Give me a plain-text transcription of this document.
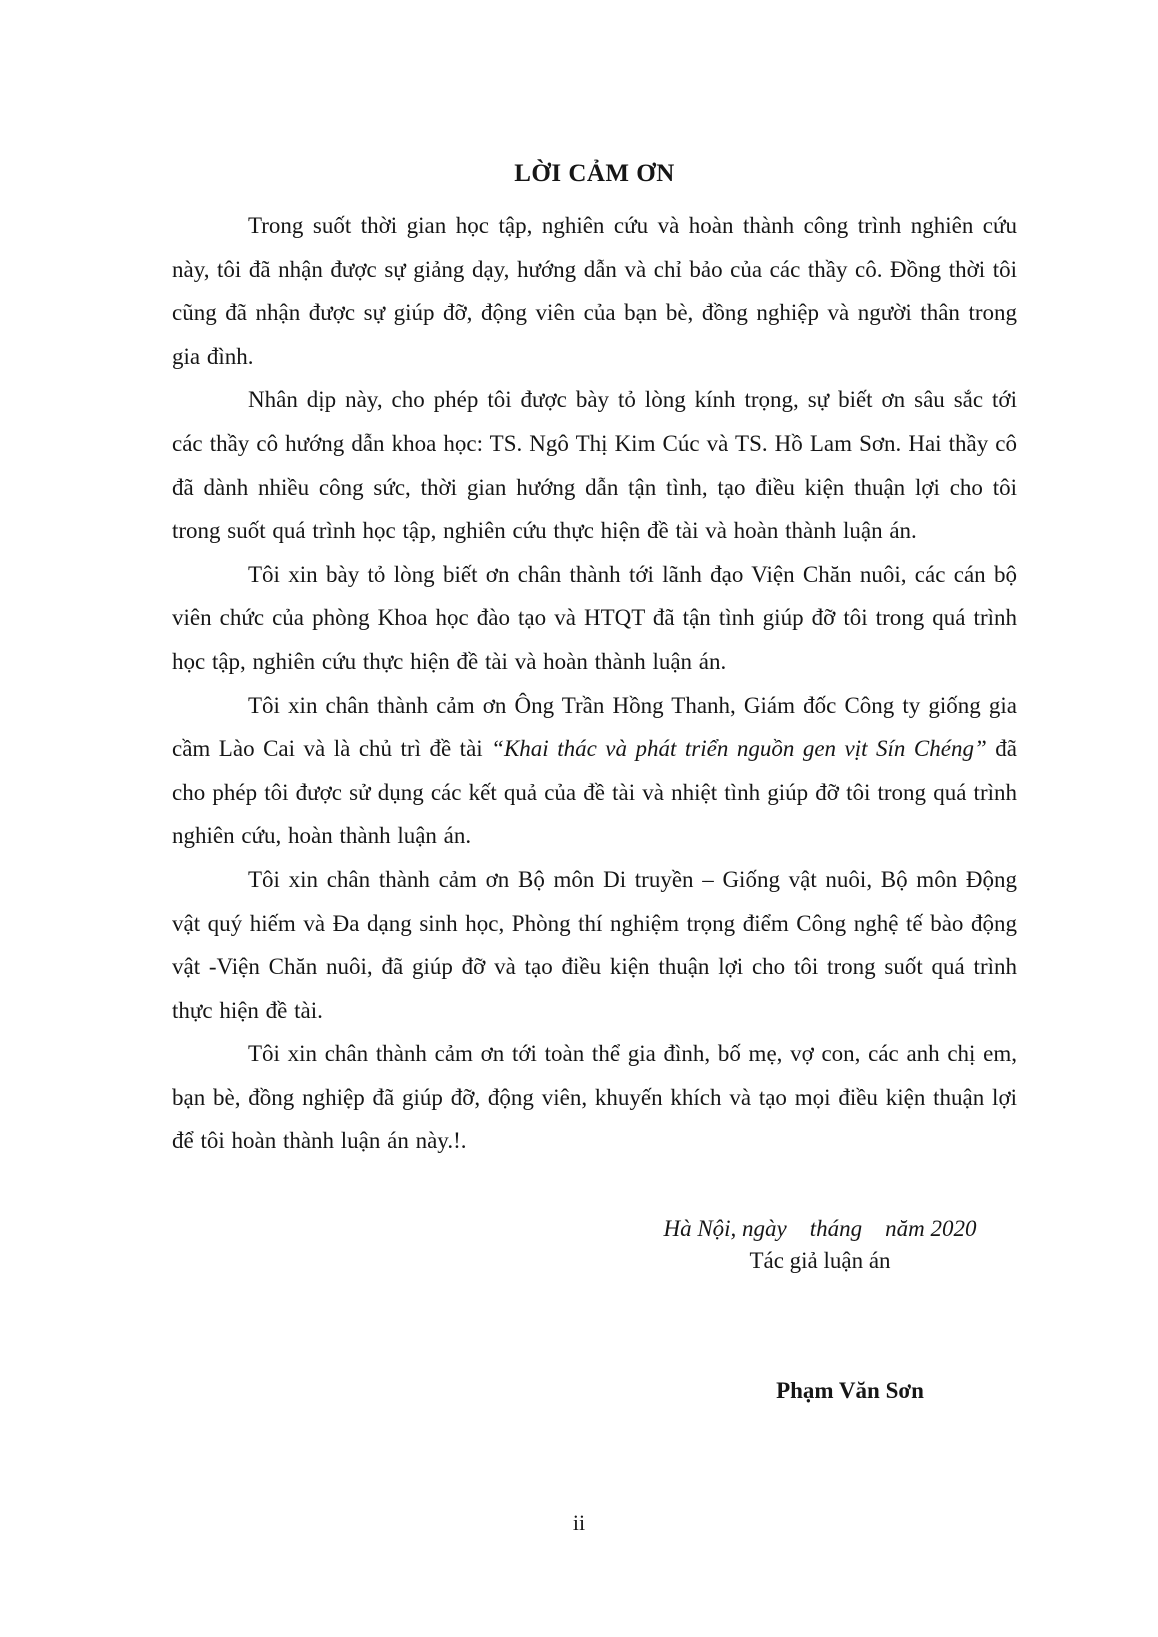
LỜI CẢM ƠN

Trong suốt thời gian học tập, nghiên cứu và hoàn thành công trình nghiên cứu này, tôi đã nhận được sự giảng dạy, hướng dẫn và chỉ bảo của các thầy cô. Đồng thời tôi cũng đã nhận được sự giúp đỡ, động viên của bạn bè, đồng nghiệp và người thân trong gia đình.

Nhân dịp này, cho phép tôi được bày tỏ lòng kính trọng, sự biết ơn sâu sắc tới các thầy cô hướng dẫn khoa học: TS. Ngô Thị Kim Cúc và TS. Hồ Lam Sơn. Hai thầy cô đã dành nhiều công sức, thời gian hướng dẫn tận tình, tạo điều kiện thuận lợi cho tôi trong suốt quá trình học tập, nghiên cứu thực hiện đề tài và hoàn thành luận án.

Tôi xin bày tỏ lòng biết ơn chân thành tới lãnh đạo Viện Chăn nuôi, các cán bộ viên chức của phòng Khoa học đào tạo và HTQT đã tận tình giúp đỡ tôi trong quá trình học tập, nghiên cứu thực hiện đề tài và hoàn thành luận án.

Tôi xin chân thành cảm ơn Ông Trần Hồng Thanh, Giám đốc Công ty giống gia cầm Lào Cai và là chủ trì đề tài “Khai thác và phát triển nguồn gen vịt Sín Chéng” đã cho phép tôi được sử dụng các kết quả của đề tài và nhiệt tình giúp đỡ tôi trong quá trình nghiên cứu, hoàn thành luận án.

Tôi xin chân thành cảm ơn Bộ môn Di truyền – Giống vật nuôi, Bộ môn Động vật quý hiếm và Đa dạng sinh học, Phòng thí nghiệm trọng điểm Công nghệ tế bào động vật -Viện Chăn nuôi, đã giúp đỡ và tạo điều kiện thuận lợi cho tôi trong suốt quá trình thực hiện đề tài.

Tôi xin chân thành cảm ơn tới toàn thể gia đình, bố mẹ, vợ con, các anh chị em, bạn bè, đồng nghiệp đã giúp đỡ, động viên, khuyến khích và tạo mọi điều kiện thuận lợi để tôi hoàn thành luận án này.!.

Hà Nội, ngày    tháng    năm 2020
Tác giả luận án
Phạm Văn Sơn
ii
